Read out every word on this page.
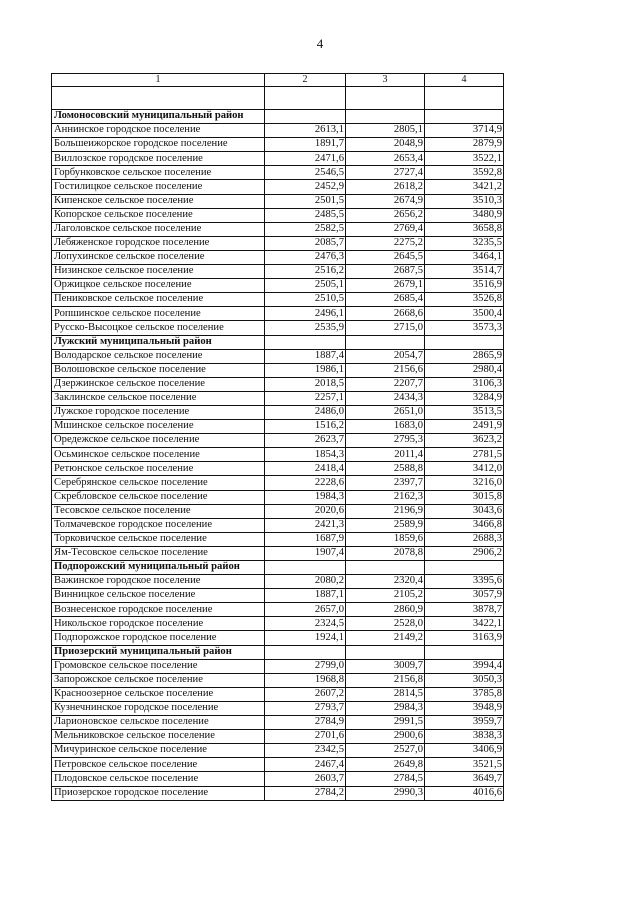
4
1	2	3	4

Ломоносовский муниципальный район			
Аннинское городское поселение	2613,1	2805,1	3714,9
Большеижорское городское поселение	1891,7	2048,9	2879,9
Виллозское городское поселение	2471,6	2653,4	3522,1
Горбунковское сельское поселение	2546,5	2727,4	3592,8
Гостилицкое сельское поселение	2452,9	2618,2	3421,2
Кипенское сельское поселение	2501,5	2674,9	3510,3
Копорское сельское поселение	2485,5	2656,2	3480,9
Лаголовское сельское поселение	2582,5	2769,4	3658,8
Лебяженское городское поселение	2085,7	2275,2	3235,5
Лопухинское сельское поселение	2476,3	2645,5	3464,1
Низинское сельское поселение	2516,2	2687,5	3514,7
Оржицкое сельское поселение	2505,1	2679,1	3516,9
Пениковское сельское поселение	2510,5	2685,4	3526,8
Ропшинское сельское поселение	2496,1	2668,6	3500,4
Русско-Высоцкое сельское поселение	2535,9	2715,0	3573,3
Лужский муниципальный район			
Володарское сельское поселение	1887,4	2054,7	2865,9
Волошовское сельское поселение	1986,1	2156,6	2980,4
Дзержинское сельское поселение	2018,5	2207,7	3106,3
Заклинское сельское поселение	2257,1	2434,3	3284,9
Лужское городское поселение	2486,0	2651,0	3513,5
Мшинское сельское поселение	1516,2	1683,0	2491,9
Оредежское сельское поселение	2623,7	2795,3	3623,2
Осьминское сельское поселение	1854,3	2011,4	2781,5
Ретюнское сельское поселение	2418,4	2588,8	3412,0
Серебрянское сельское поселение	2228,6	2397,7	3216,0
Скребловское сельское поселение	1984,3	2162,3	3015,8
Тесовское сельское поселение	2020,6	2196,9	3043,6
Толмачевское городское поселение	2421,3	2589,9	3466,8
Торковичское сельское поселение	1687,9	1859,6	2688,3
Ям-Тесовское сельское поселение	1907,4	2078,8	2906,2
Подпорожский муниципальный район			
Важинское городское поселение	2080,2	2320,4	3395,6
Винницкое сельское поселение	1887,1	2105,2	3057,9
Вознесенское городское поселение	2657,0	2860,9	3878,7
Никольское городское поселение	2324,5	2528,0	3422,1
Подпорожское городское поселение	1924,1	2149,2	3163,9
Приозерский муниципальный район			
Громовское сельское поселение	2799,0	3009,7	3994,4
Запорожское сельское поселение	1968,8	2156,8	3050,3
Красноозерное сельское поселение	2607,2	2814,5	3785,8
Кузнечнинское городское поселение	2793,7	2984,3	3948,9
Ларионовское сельское поселение	2784,9	2991,5	3959,7
Мельниковское сельское поселение	2701,6	2900,6	3838,3
Мичуринское сельское поселение	2342,5	2527,0	3406,9
Петровское сельское поселение	2467,4	2649,8	3521,5
Плодовское сельское поселение	2603,7	2784,5	3649,7
Приозерское городское поселение	2784,2	2990,3	4016,6
